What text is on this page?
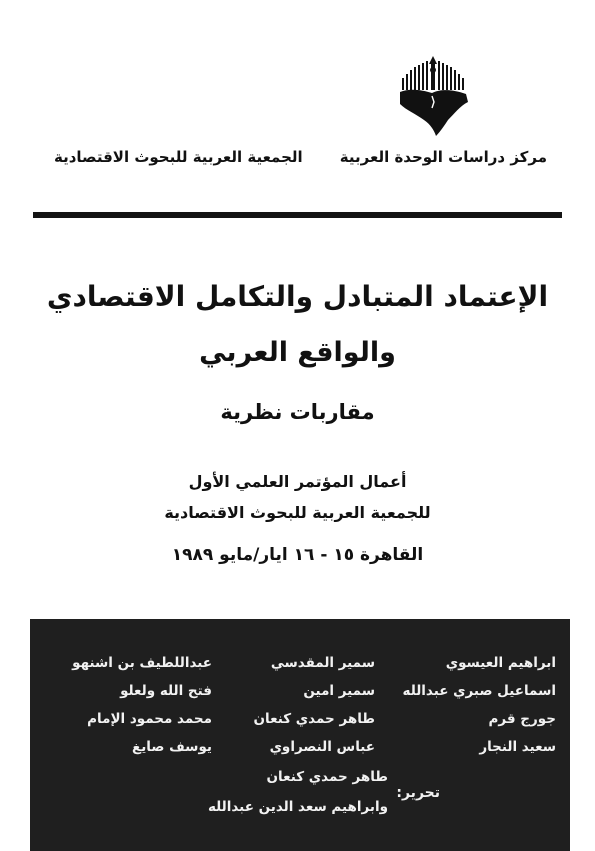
مركز دراسات الوحدة العربية
الجمعية العربية للبحوث الاقتصادية
الإعتماد المتبادل والتكامل الاقتصادي
والواقع العربي
مقاربات نظرية
أعمال المؤتمر العلمي الأول
للجمعية العربية للبحوث الاقتصادية
القاهرة ١٥ - ١٦ ايار/مايو ١٩٨٩
ابراهيم العيسوي
اسماعيل صبري عبدالله
جورج قرم
سعيد النجار
سمير المقدسي
سمير امين
طاهر حمدي كنعان
عباس النصراوي
عبداللطيف بن اشنهو
فتح الله ولعلو
محمد محمود الإمام
يوسف صايغ
تحرير:
طاهر حمدي كنعان
وابراهيم سعد الدين عبدالله
